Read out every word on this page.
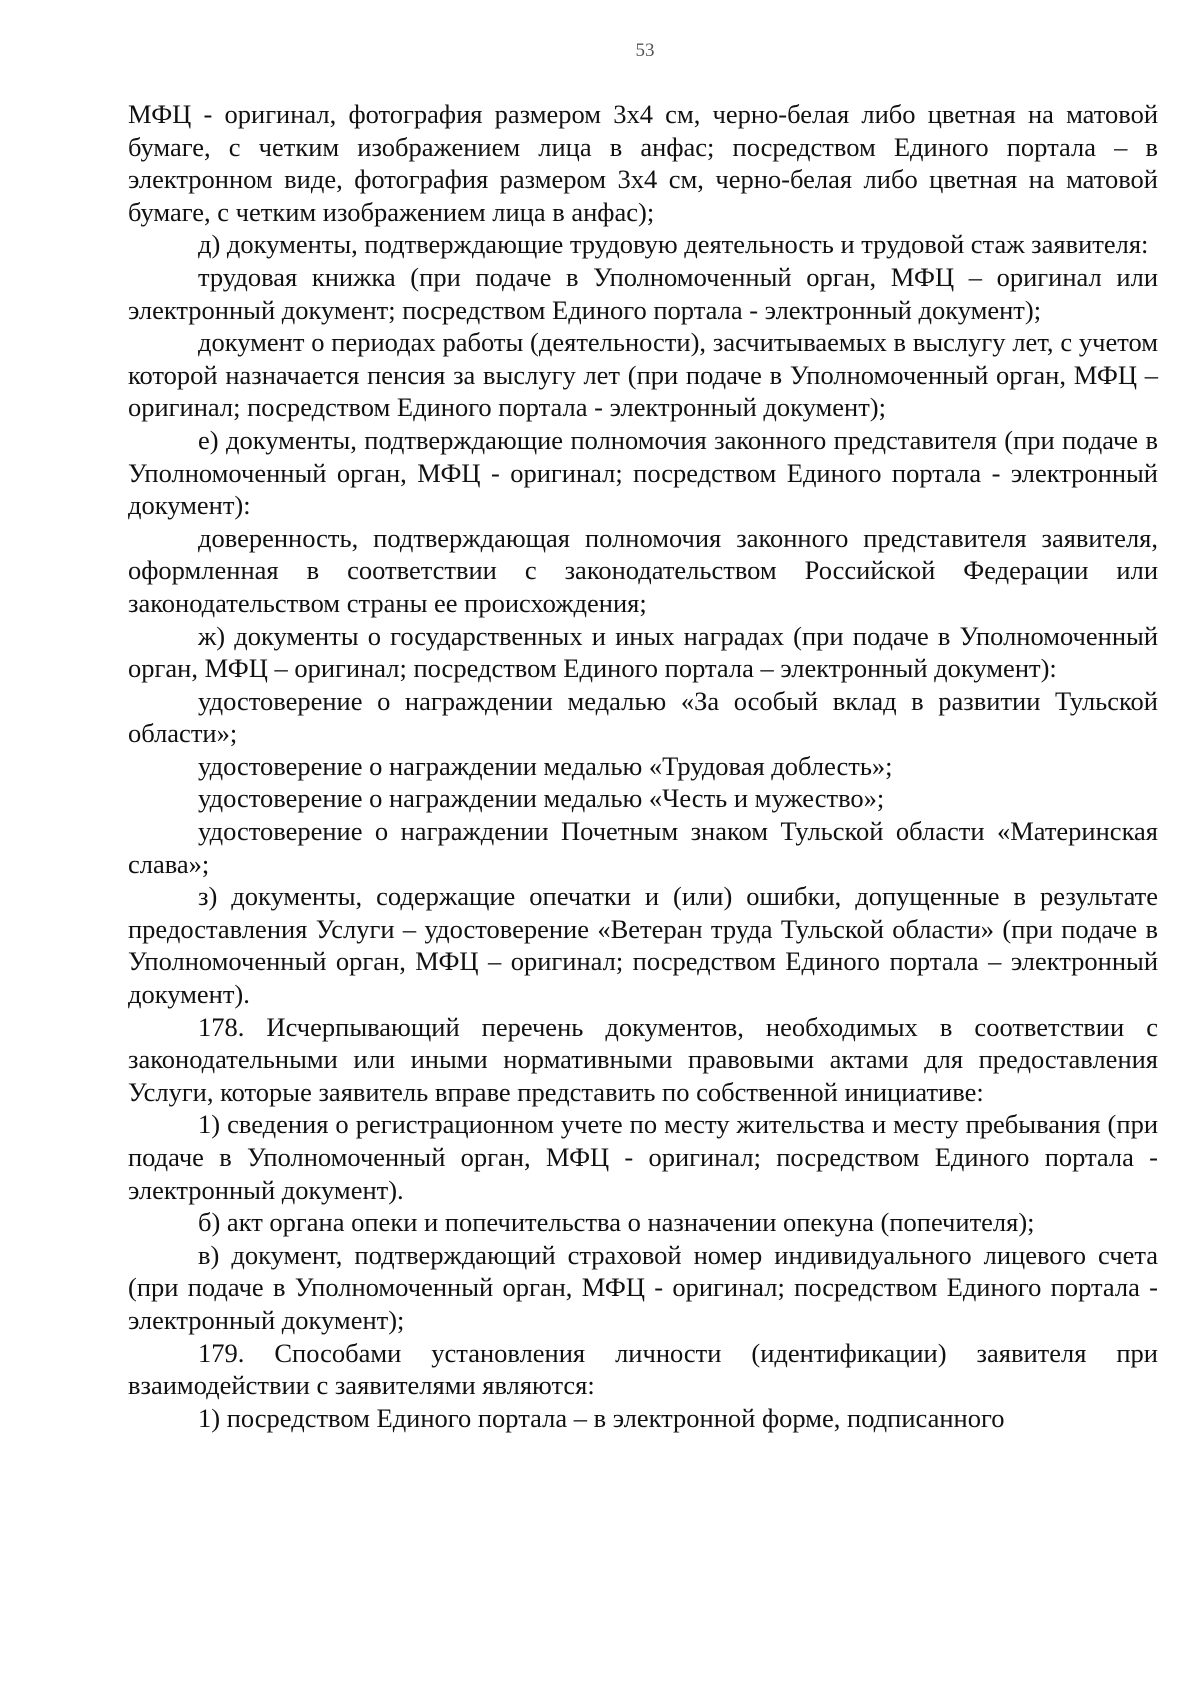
53

МФЦ - оригинал, фотография размером 3x4 см, черно-белая либо цветная на матовой бумаге, с четким изображением лица в анфас; посредством Единого портала – в электронном виде, фотография размером 3x4 см, черно-белая либо цветная на матовой бумаге, с четким изображением лица в анфас);

д) документы, подтверждающие трудовую деятельность и трудовой стаж заявителя:

трудовая книжка (при подаче в Уполномоченный орган, МФЦ – оригинал или электронный документ; посредством Единого портала - электронный документ);

документ о периодах работы (деятельности), засчитываемых в выслугу лет, с учетом которой назначается пенсия за выслугу лет (при подаче в Уполномоченный орган, МФЦ – оригинал; посредством Единого портала - электронный документ);

е) документы, подтверждающие полномочия законного представителя (при подаче в Уполномоченный орган, МФЦ - оригинал; посредством Единого портала - электронный документ):

доверенность, подтверждающая полномочия законного представителя заявителя, оформленная в соответствии с законодательством Российской Федерации или законодательством страны ее происхождения;

ж) документы о государственных и иных наградах (при подаче в Уполномоченный орган, МФЦ – оригинал; посредством Единого портала – электронный документ):

удостоверение о награждении медалью «За особый вклад в развитии Тульской области»;

удостоверение о награждении медалью «Трудовая доблесть»;

удостоверение о награждении медалью «Честь и мужество»;

удостоверение о награждении Почетным знаком Тульской области «Материнская слава»;

з) документы, содержащие опечатки и (или) ошибки, допущенные в результате предоставления Услуги – удостоверение «Ветеран труда Тульской области» (при подаче в Уполномоченный орган, МФЦ – оригинал; посредством Единого портала – электронный документ).

178. Исчерпывающий перечень документов, необходимых в соответствии с законодательными или иными нормативными правовыми актами для предоставления Услуги, которые заявитель вправе представить по собственной инициативе:

1) сведения о регистрационном учете по месту жительства и месту пребывания (при подаче в Уполномоченный орган, МФЦ - оригинал; посредством Единого портала - электронный документ).

б) акт органа опеки и попечительства о назначении опекуна (попечителя);

в) документ, подтверждающий страховой номер индивидуального лицевого счета (при подаче в Уполномоченный орган, МФЦ - оригинал; посредством Единого портала - электронный документ);

179. Способами установления личности (идентификации) заявителя при взаимодействии с заявителями являются:

1) посредством Единого портала – в электронной форме, подписанного
